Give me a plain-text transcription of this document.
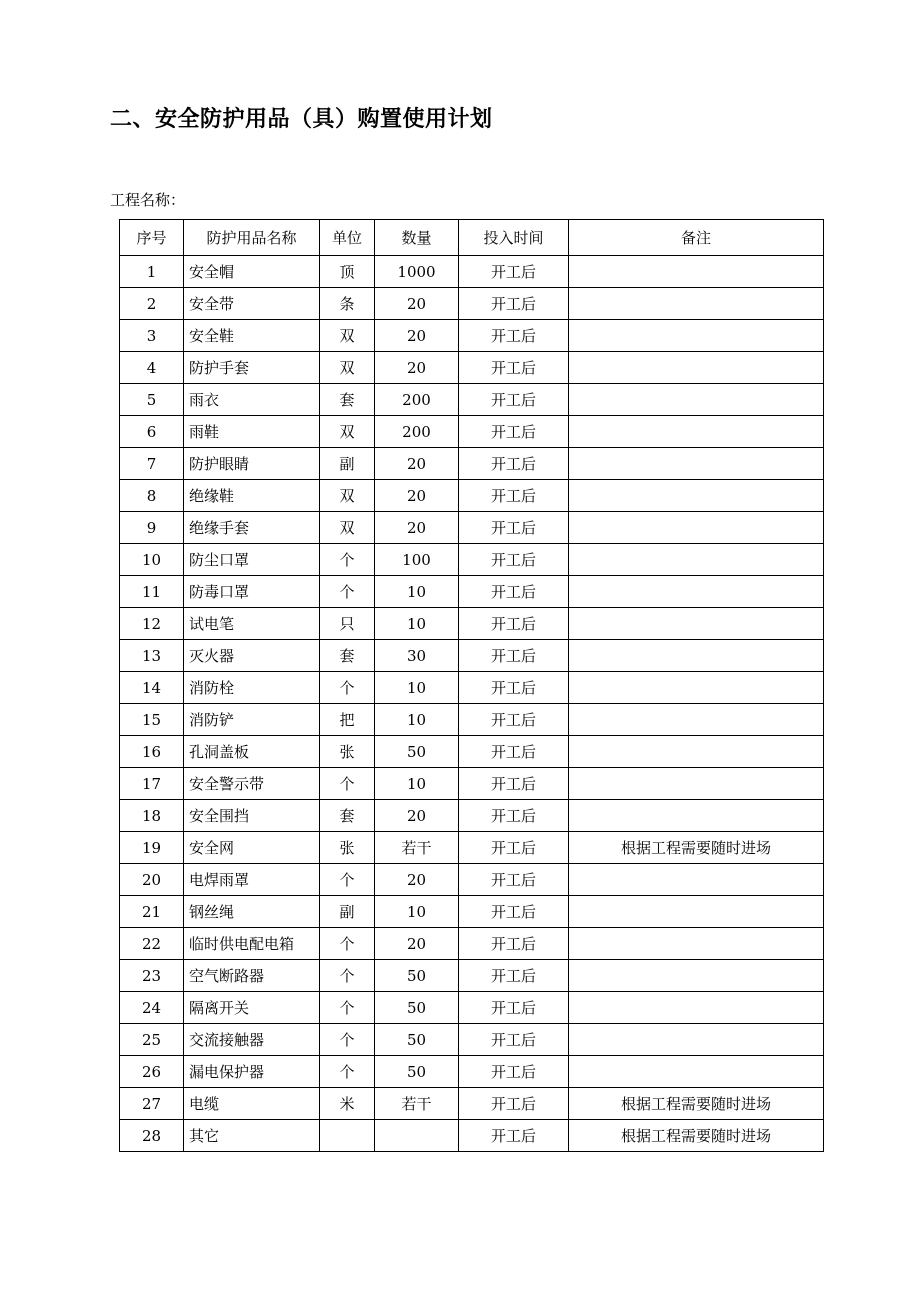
二、安全防护用品（具）购置使用计划
工程名称：
序号	防护用品名称	单位	数量	投入时间	备注
1	安全帽	顶	1000	开工后	
2	安全带	条	20	开工后	
3	安全鞋	双	20	开工后	
4	防护手套	双	20	开工后	
5	雨衣	套	200	开工后	
6	雨鞋	双	200	开工后	
7	防护眼睛	副	20	开工后	
8	绝缘鞋	双	20	开工后	
9	绝缘手套	双	20	开工后	
10	防尘口罩	个	100	开工后	
11	防毒口罩	个	10	开工后	
12	试电笔	只	10	开工后	
13	灭火器	套	30	开工后	
14	消防栓	个	10	开工后	
15	消防铲	把	10	开工后	
16	孔洞盖板	张	50	开工后	
17	安全警示带	个	10	开工后	
18	安全围挡	套	20	开工后	
19	安全网	张	若干	开工后	根据工程需要随时进场
20	电焊雨罩	个	20	开工后	
21	钢丝绳	副	10	开工后	
22	临时供电配电箱	个	20	开工后	
23	空气断路器	个	50	开工后	
24	隔离开关	个	50	开工后	
25	交流接触器	个	50	开工后	
26	漏电保护器	个	50	开工后	
27	电缆	米	若干	开工后	根据工程需要随时进场
28	其它			开工后	根据工程需要随时进场
